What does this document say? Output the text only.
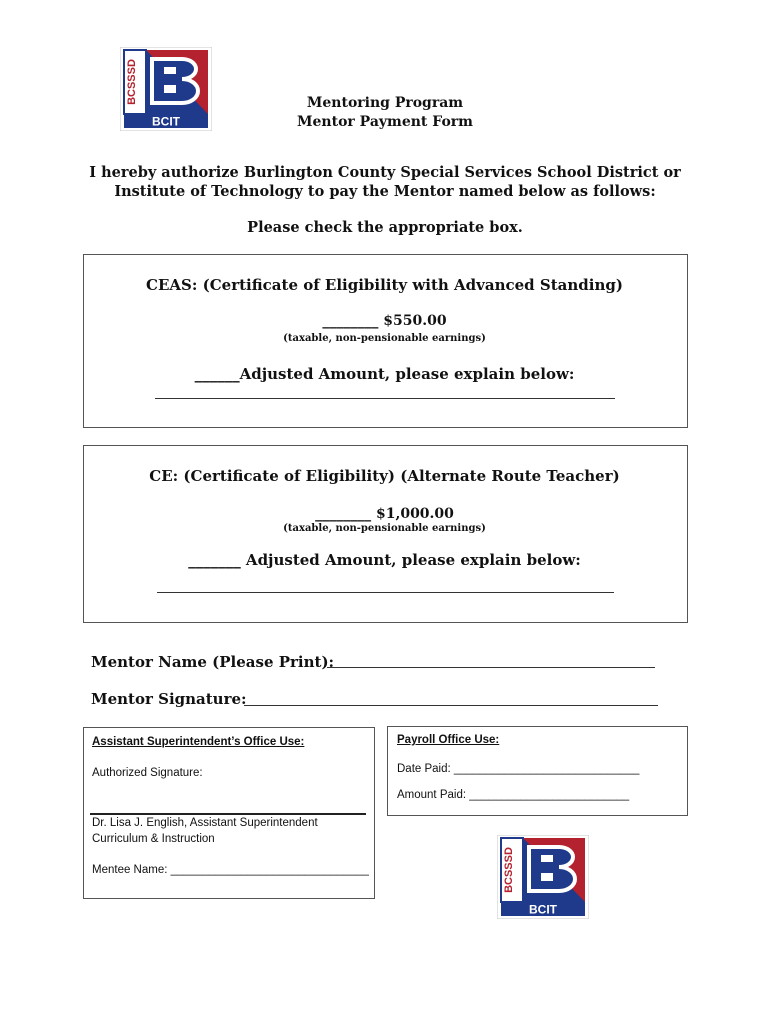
BCSSSD
BCIT
Mentoring Program
Mentor Payment Form
I hereby authorize Burlington County Special Services School District or
Institute of Technology to pay the Mentor named below as follows:
Please check the appropriate box.
CEAS: (Certificate of Eligibility with Advanced Standing)
________ $550.00
(taxable, non-pensionable earnings)
______Adjusted Amount, please explain below:
CE: (Certificate of Eligibility) (Alternate Route Teacher)
________ $1,000.00
(taxable, non-pensionable earnings)
_______ Adjusted Amount, please explain below:
Mentor Name (Please Print):
Mentor Signature:
Assistant Superintendent’s Office Use:
Authorized Signature:
Dr. Lisa J. English, Assistant Superintendent
Curriculum & Instruction
Mentee Name: _______________________________
Payroll Office Use:
Date Paid: _____________________________
Amount Paid: _________________________
BCSSSD
BCIT
